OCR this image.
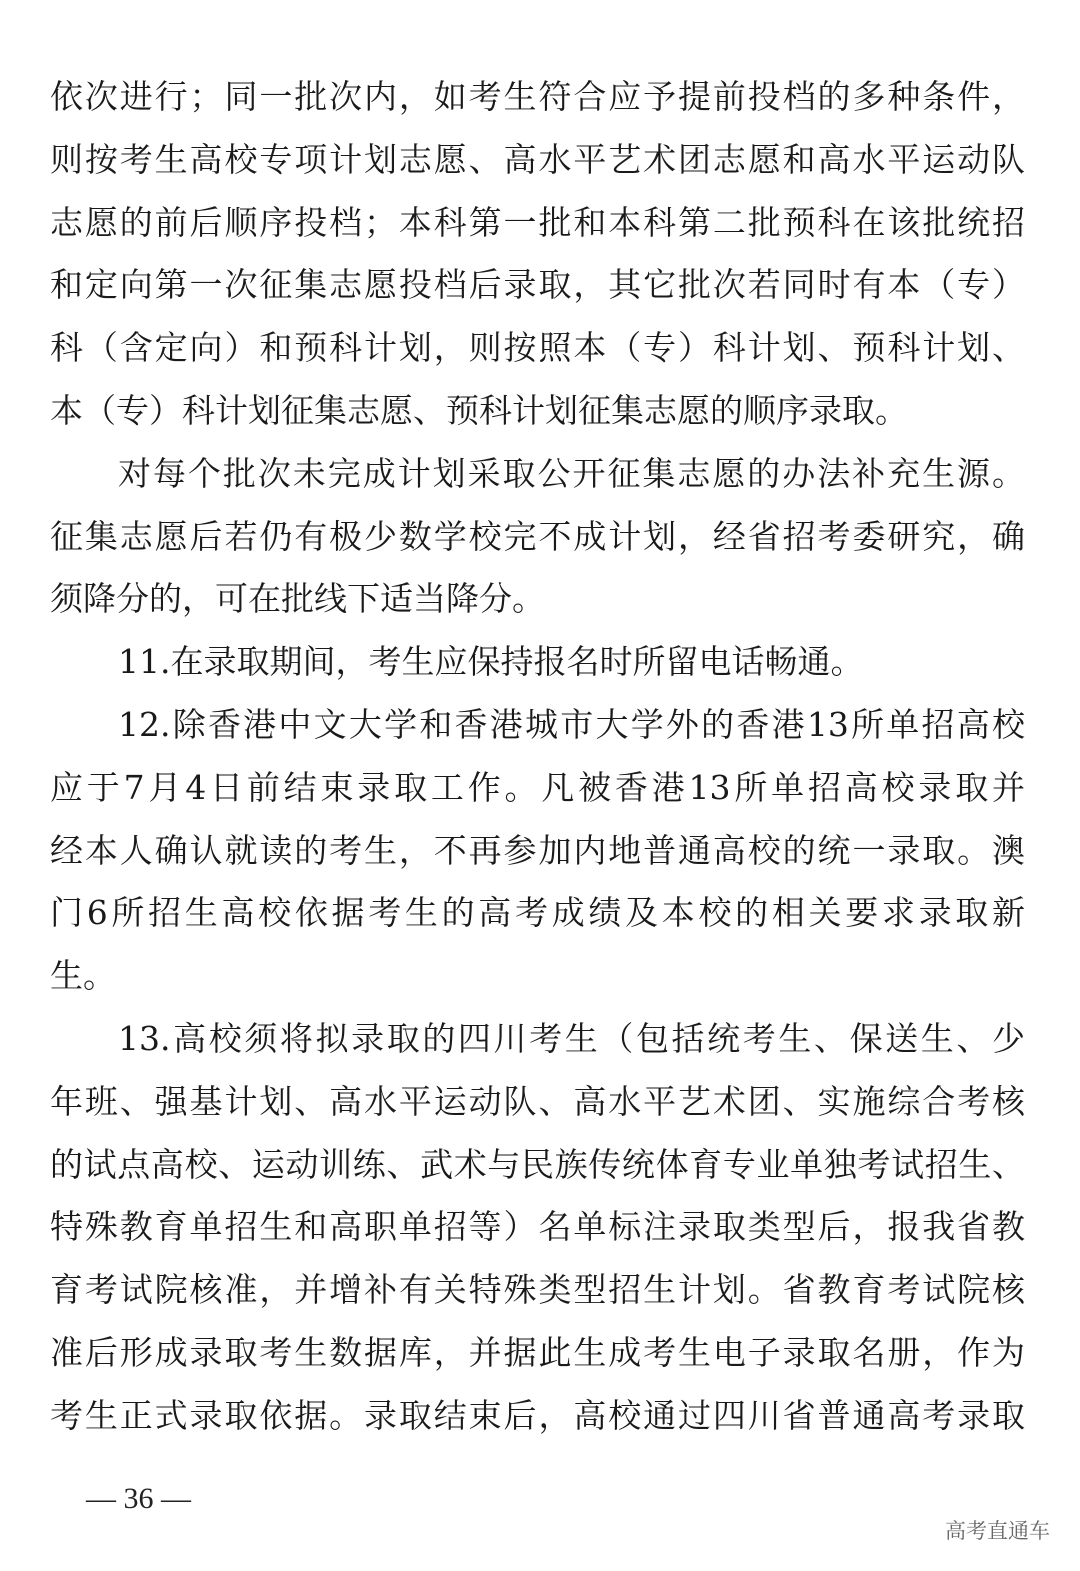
依次进行；同一批次内，如考生符合应予提前投档的多种条件，
则按考生高校专项计划志愿、高水平艺术团志愿和高水平运动队
志愿的前后顺序投档；本科第一批和本科第二批预科在该批统招
和定向第一次征集志愿投档后录取，其它批次若同时有本（专）
科（含定向）和预科计划，则按照本（专）科计划、预科计划、
本（专）科计划征集志愿、预科计划征集志愿的顺序录取。
对每个批次未完成计划采取公开征集志愿的办法补充生源。
征集志愿后若仍有极少数学校完不成计划，经省招考委研究，确
须降分的，可在批线下适当降分。
11.在录取期间，考生应保持报名时所留电话畅通。
12.除香港中文大学和香港城市大学外的香港13所单招高校
应于7月4日前结束录取工作。凡被香港13所单招高校录取并
经本人确认就读的考生，不再参加内地普通高校的统一录取。澳
门6所招生高校依据考生的高考成绩及本校的相关要求录取新
生。
13.高校须将拟录取的四川考生（包括统考生、保送生、少
年班、强基计划、高水平运动队、高水平艺术团、实施综合考核
的试点高校、运动训练、武术与民族传统体育专业单独考试招生、
特殊教育单招生和高职单招等）名单标注录取类型后，报我省教
育考试院核准，并增补有关特殊类型招生计划。省教育考试院核
准后形成录取考生数据库，并据此生成考生电子录取名册，作为
考生正式录取依据。录取结束后，高校通过四川省普通高考录取
— 36 —
高考直通车
